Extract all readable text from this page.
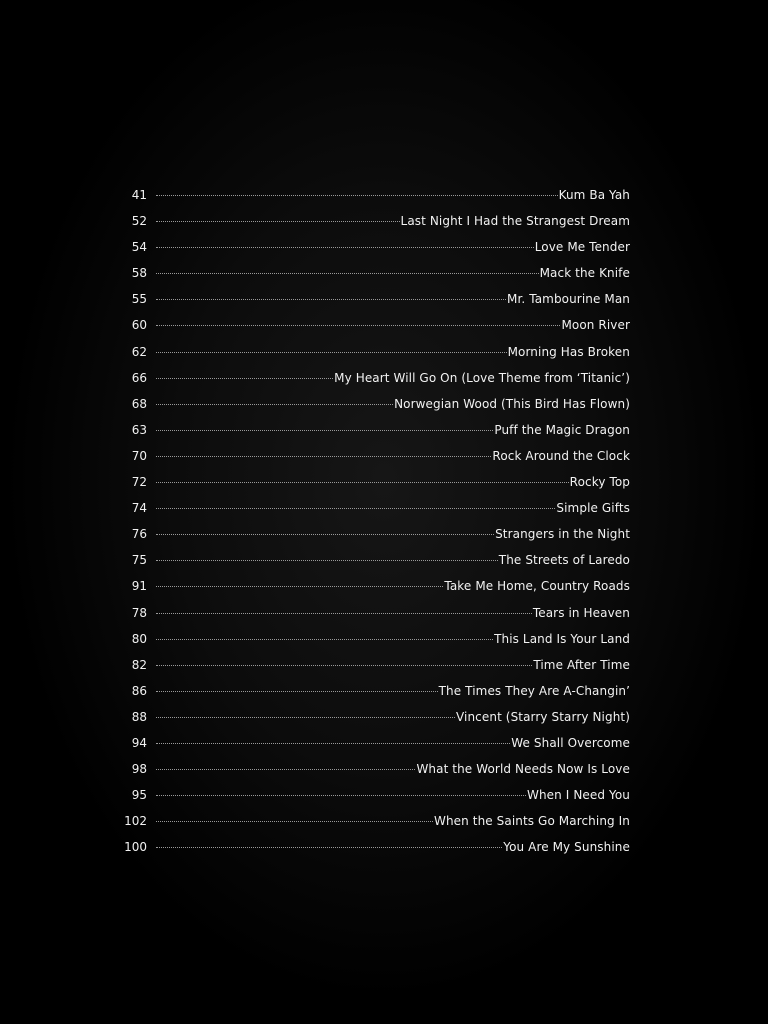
41	Kum Ba Yah
52	Last Night I Had the Strangest Dream
54	Love Me Tender
58	Mack the Knife
55	Mr. Tambourine Man
60	Moon River
62	Morning Has Broken
66	My Heart Will Go On (Love Theme from ‘Titanic’)
68	Norwegian Wood (This Bird Has Flown)
63	Puff the Magic Dragon
70	Rock Around the Clock
72	Rocky Top
74	Simple Gifts
76	Strangers in the Night
75	The Streets of Laredo
91	Take Me Home, Country Roads
78	Tears in Heaven
80	This Land Is Your Land
82	Time After Time
86	The Times They Are A-Changin’
88	Vincent (Starry Starry Night)
94	We Shall Overcome
98	What the World Needs Now Is Love
95	When I Need You
102	When the Saints Go Marching In
100	You Are My Sunshine
